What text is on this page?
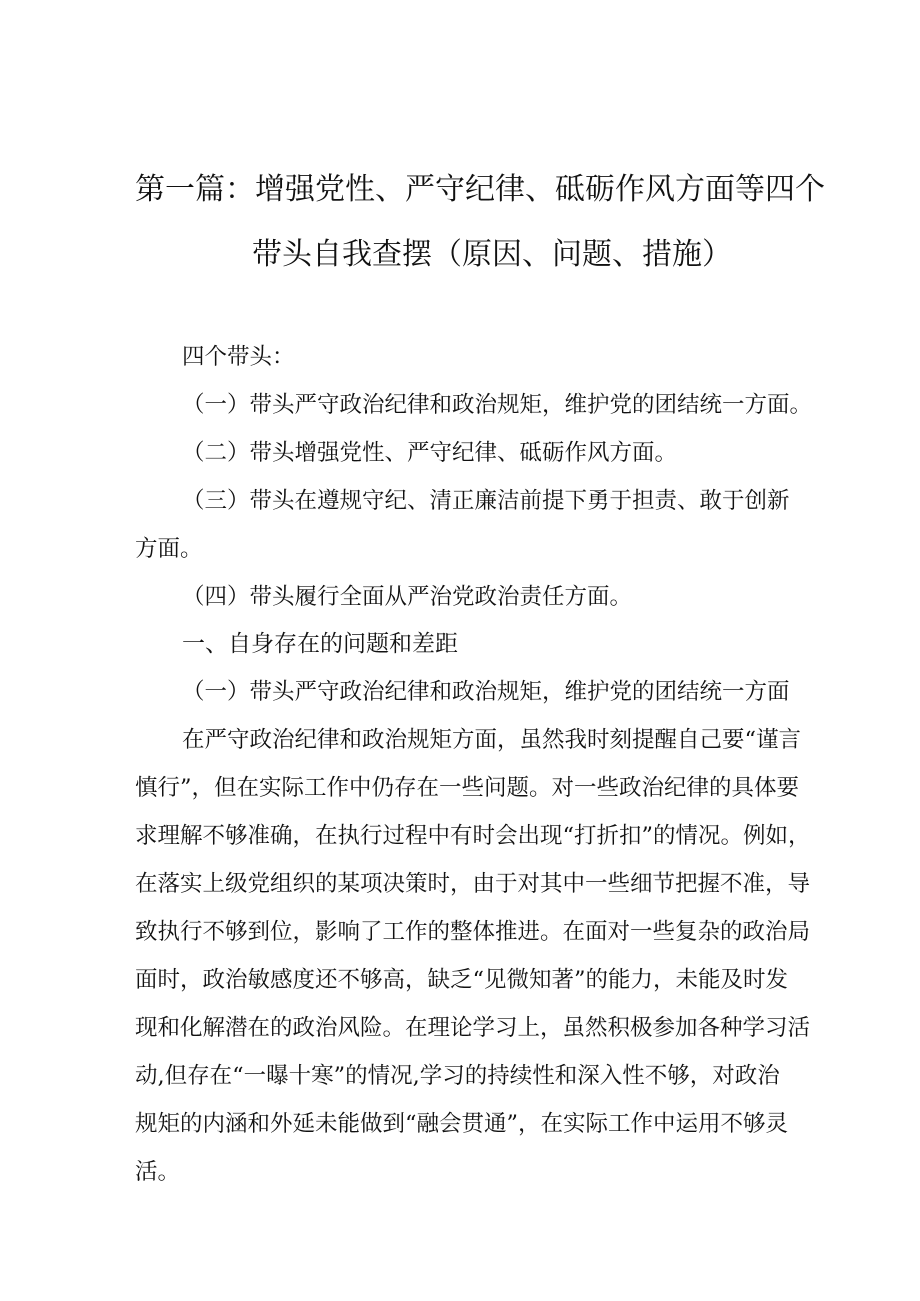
第一篇：增强党性、严守纪律、砥砺作风方面等四个
带头自我查摆（原因、问题、措施）
四个带头：
（一）带头严守政治纪律和政治规矩，维护党的团结统一方面。
（二）带头增强党性、严守纪律、砥砺作风方面。
（三）带头在遵规守纪、清正廉洁前提下勇于担责、敢于创新
方面。
（四）带头履行全面从严治党政治责任方面。
一、自身存在的问题和差距
（一）带头严守政治纪律和政治规矩，维护党的团结统一方面
在严守政治纪律和政治规矩方面，虽然我时刻提醒自己要“谨言
慎行”，但在实际工作中仍存在一些问题。对一些政治纪律的具体要
求理解不够准确，在执行过程中有时会出现“打折扣”的情况。例如，
在落实上级党组织的某项决策时，由于对其中一些细节把握不准，导
致执行不够到位，影响了工作的整体推进。在面对一些复杂的政治局
面时，政治敏感度还不够高，缺乏“见微知著”的能力，未能及时发
现和化解潜在的政治风险。在理论学习上，虽然积极参加各种学习活
动,但存在“一曝十寒”的情况,学习的持续性和深入性不够，对政治
规矩的内涵和外延未能做到“融会贯通”，在实际工作中运用不够灵
活。
